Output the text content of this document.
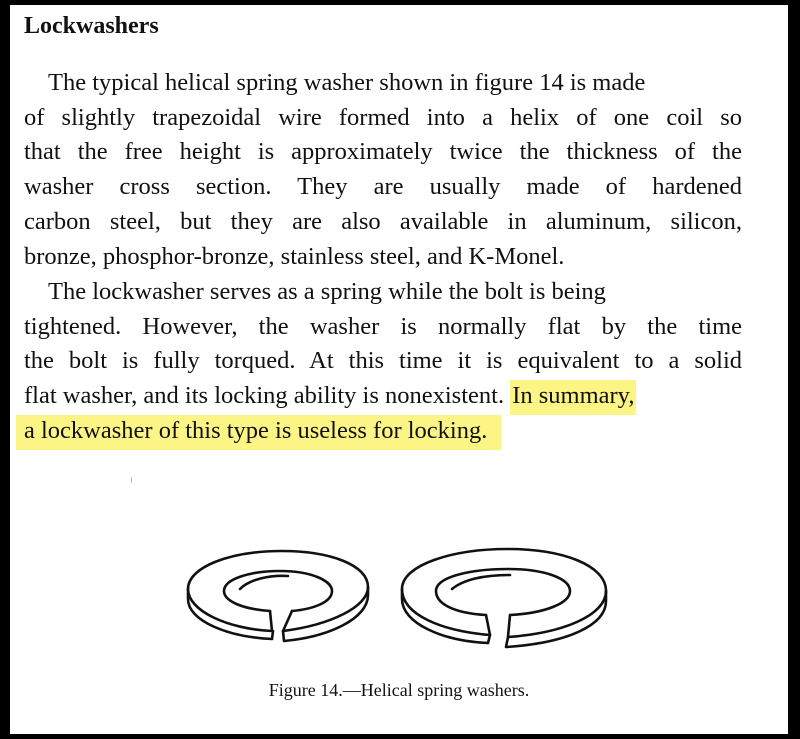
Lockwashers
The typical helical spring washer shown in figure 14 is made
of slightly trapezoidal wire formed into a helix of one coil so
that the free height is approximately twice the thickness of the
washer cross section. They are usually made of hardened
carbon steel, but they are also available in aluminum, silicon,
bronze, phosphor-bronze, stainless steel, and K-Monel.
The lockwasher serves as a spring while the bolt is being
tightened. However, the washer is normally flat by the time
the bolt is fully torqued. At this time it is equivalent to a solid
flat washer, and its locking ability is nonexistent. In summary,
a lockwasher of this type is useless for locking.
Figure 14.—Helical spring washers.
